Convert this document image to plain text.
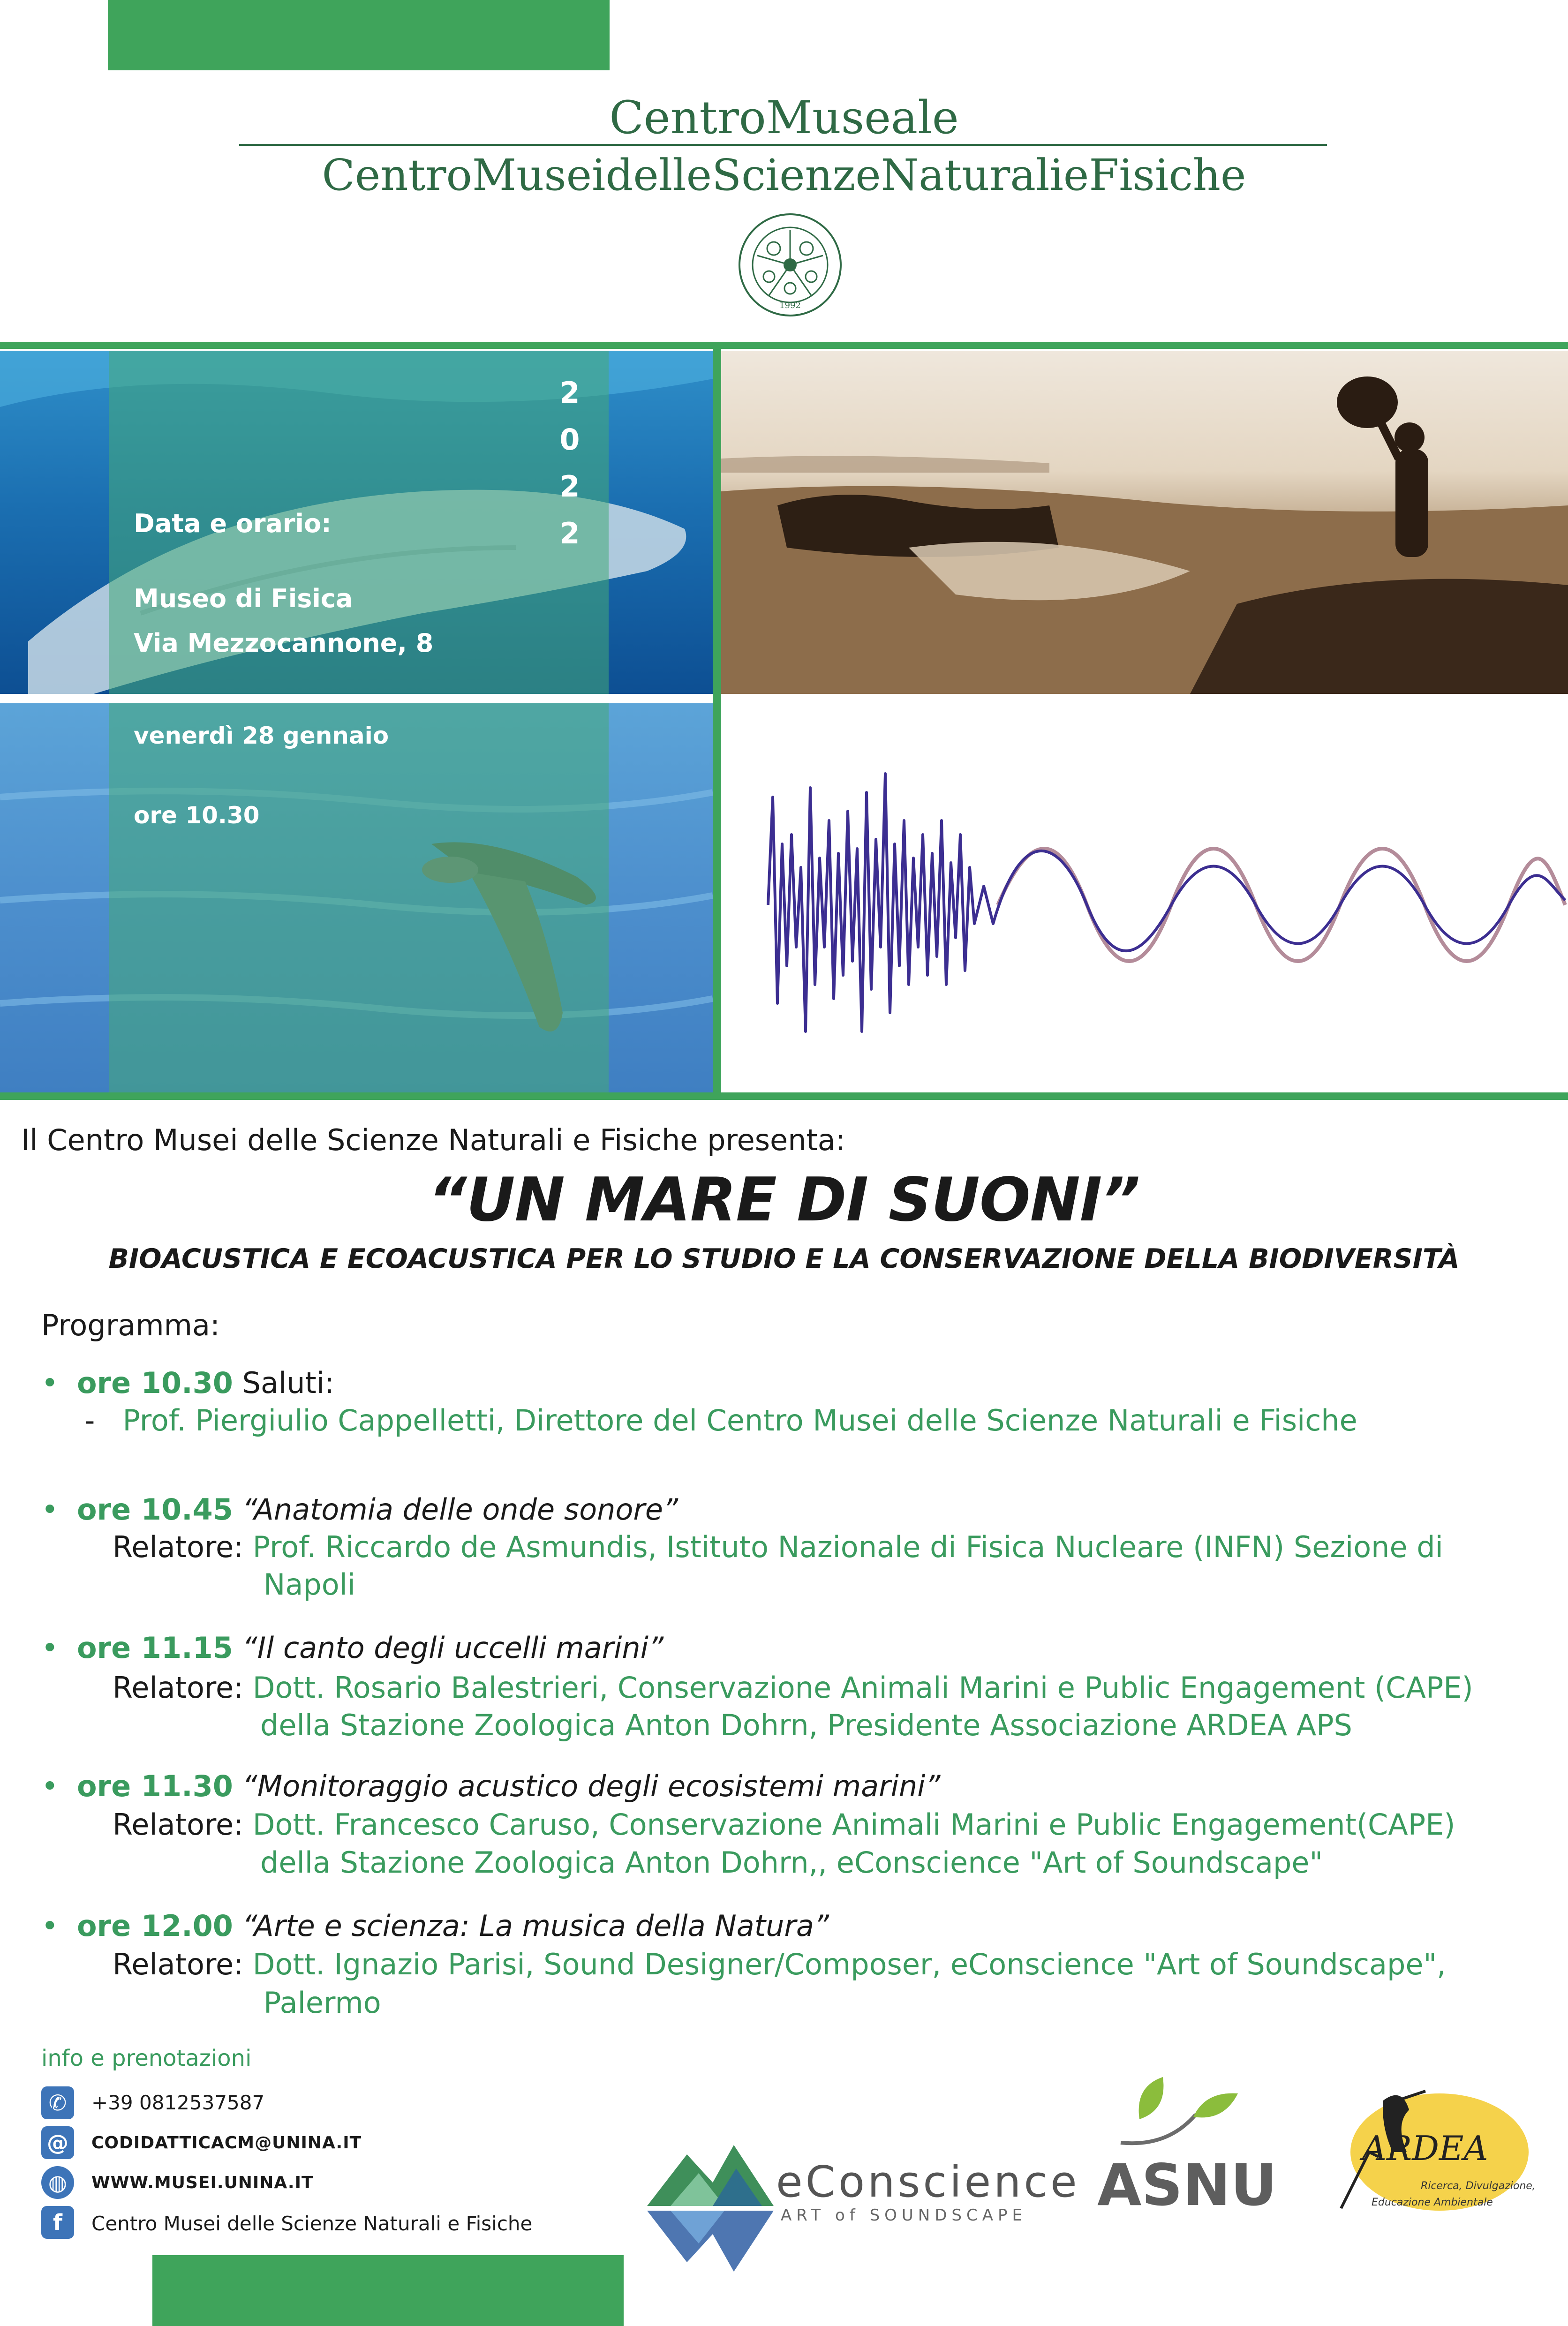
CentroMuseale
CentroMuseidelleScienzeNaturalieFisiche
1992
2
0
2
2
Data e orario:
Museo di Fisica
Via Mezzocannone, 8
venerdì 28 gennaio
ore 10.30
Il Centro Musei delle Scienze Naturali e Fisiche presenta:
“UN MARE DI SUONI”
BIOACUSTICA E ECOACUSTICA PER LO STUDIO E LA CONSERVAZIONE DELLA BIODIVERSITÀ
Programma:
• ore 10.30 Saluti:
- Prof. Piergiulio Cappelletti, Direttore del Centro Musei delle Scienze Naturali e Fisiche
• ore 10.45 “Anatomia delle onde sonore”
Relatore: Prof. Riccardo de Asmundis, Istituto Nazionale di Fisica Nucleare (INFN) Sezione di
Napoli
• ore 11.15 “Il canto degli uccelli marini”
Relatore: Dott. Rosario Balestrieri, Conservazione Animali Marini e Public Engagement (CAPE)
della Stazione Zoologica Anton Dohrn, Presidente Associazione ARDEA APS
• ore 11.30 “Monitoraggio acustico degli ecosistemi marini”
Relatore: Dott. Francesco Caruso, Conservazione Animali Marini e Public Engagement(CAPE)
della Stazione Zoologica Anton Dohrn,, eConscience "Art of Soundscape"
• ore 12.00 “Arte e scienza: La musica della Natura”
Relatore: Dott. Ignazio Parisi, Sound Designer/Composer, eConscience "Art of Soundscape",
Palermo
info e prenotazioni
✆	+39 0812537587
@	CODIDATTICACM@UNINA.IT
◍	WWW.MUSEI.UNINA.IT
f	Centro Musei delle Scienze Naturali e Fisiche
eConscience
ART of SOUNDSCAPE ASNU
ARDEA
Ricerca, Divulgazione,
Educazione Ambientale
